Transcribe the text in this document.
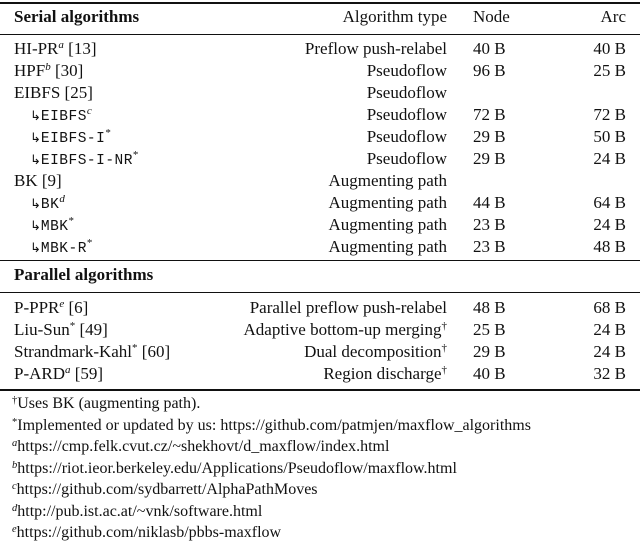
Serial algorithms	Algorithm type Node	Arc
$HI-PR^a$ [13]	Preflow push-relabel 40 B	40 B
HPF$^b$ [30]	Pseudoflow 96 B	25 B
EIBFS [25]	Pseudoflow
↳EIBFS$^c$	Pseudoflow 72 B	72 B
↳EIBFS-I*	Pseudoflow 29 B	50 B
↳EIBFS-I-NR*	Pseudoflow 29 B	24 B
BK [9]	Augmenting path
$↳BK^d$	Augmenting path 44 B	64 B
↳MBK*	Augmenting path 23 B	24 B
↳MBK-R*	Augmenting path 23 B	48 B
Parallel algorithms
P-PPR$^e$ [6]	Parallel preflow push-relabel 48 B	68 B
Liu-Sun* [49]	Adaptive bottom-up merging† 25 B	24 B
Strandmark-Kahl* [60]	Dual decomposition† 29 B	24 B
P-ARD$^a$ [59]	Region discharge† 40 B	32 B
†Uses BK (augmenting path).
*Implemented or updated by us: https://github.com/patmjen/maxflow_algorithms
$^a$https://cmp.felk.cvut.cz/~shekhovt/d_maxflow/index.html
$^b$https://riot.ieor.berkeley.edu/Applications/Pseudoflow/maxflow.html
$^c$https://github.com/sydbarrett/AlphaPathMoves
$^d$http://pub.ist.ac.at/~vnk/software.html
$^e$https://github.com/niklasb/pbbs-maxflow
